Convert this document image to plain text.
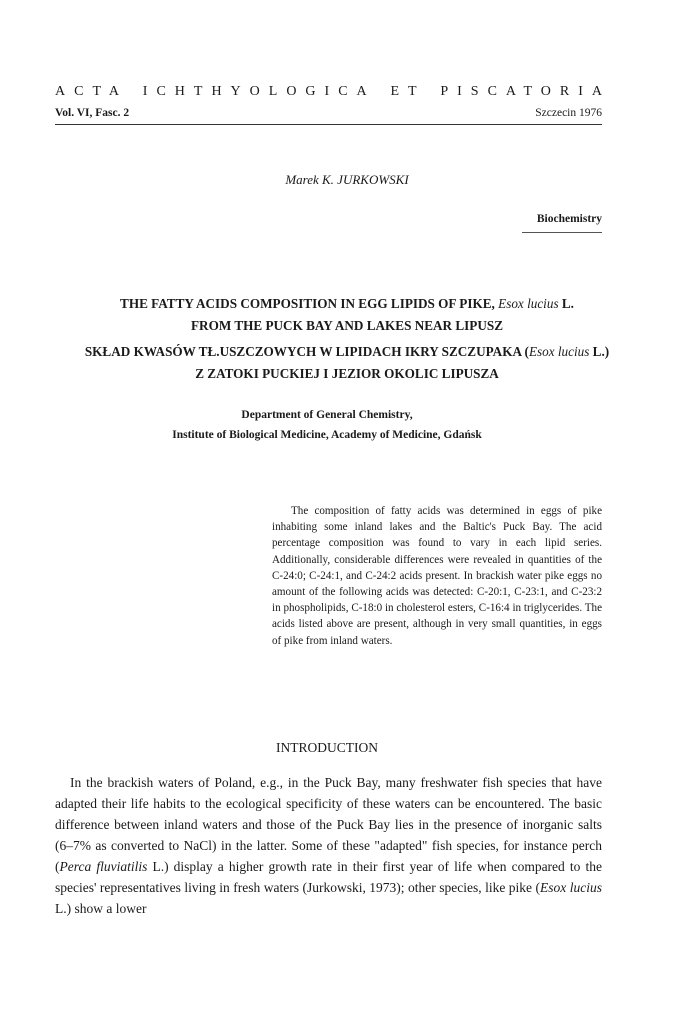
ACTA ICHTHYOLOGICA ET PISCATORIA
Vol. VI, Fasc. 2	Szczecin 1976
Marek K. JURKOWSKI
Biochemistry
THE FATTY ACIDS COMPOSITION IN EGG LIPIDS OF PIKE, Esox lucius L.
FROM THE PUCK BAY AND LAKES NEAR LIPUSZ
SKŁAD KWASÓW TŁ.USZCZOWYCH W LIPIDACH IKRY SZCZUPAKA (Esox lucius L.)
Z ZATOKI PUCKIEJ I JEZIOR OKOLIC LIPUSZA
Department of General Chemistry,
Institute of Biological Medicine, Academy of Medicine, Gdańsk
The composition of fatty acids was determined in eggs of pike inhabiting some inland lakes and the Baltic's Puck Bay. The acid percentage composition was found to vary in each lipid series. Additionally, considerable differences were revealed in quantities of the C-24:0; C-24:1, and C-24:2 acids present. In brackish water pike eggs no amount of the following acids was detected: C-20:1, C-23:1, and C-23:2 in phospholipids, C-18:0 in cholesterol esters, C-16:4 in triglycerides. The acids listed above are present, although in very small quantities, in eggs of pike from inland waters.
INTRODUCTION
In the brackish waters of Poland, e.g., in the Puck Bay, many freshwater fish species that have adapted their life habits to the ecological specificity of these waters can be encountered. The basic difference between inland waters and those of the Puck Bay lies in the presence of inorganic salts (6–7% as converted to NaCl) in the latter. Some of these "adapted" fish species, for instance perch (Perca fluviatilis L.) display a higher growth rate in their first year of life when compared to the species' representatives living in fresh waters (Jurkowski, 1973); other species, like pike (Esox lucius L.) show a lower
